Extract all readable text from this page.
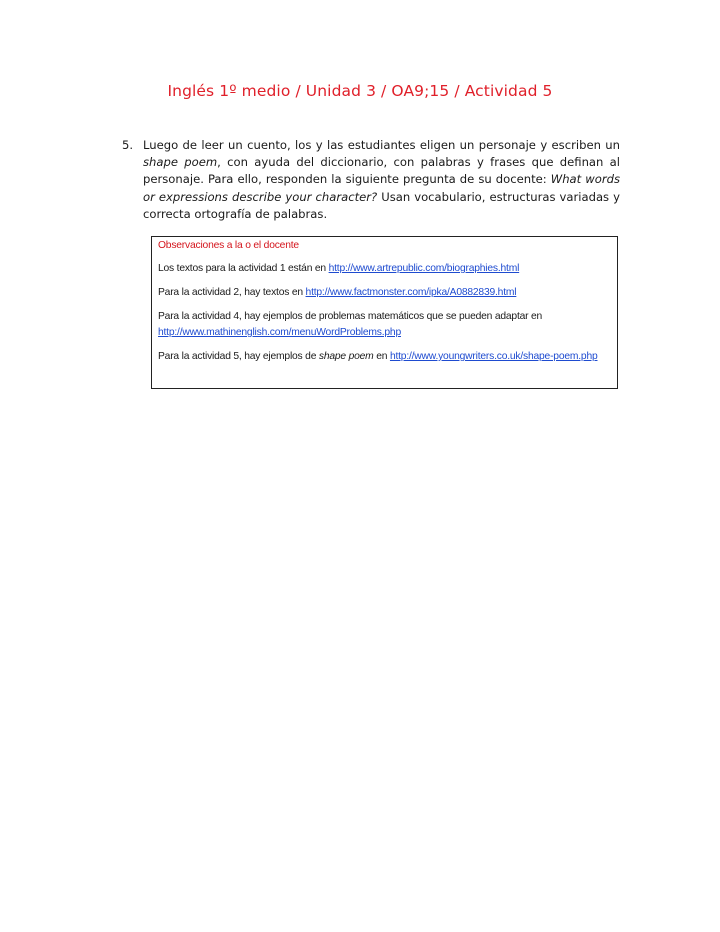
Inglés 1º medio / Unidad 3 / OA9;15 / Actividad 5
5. Luego de leer un cuento, los y las estudiantes eligen un personaje y escriben un shape poem, con ayuda del diccionario, con palabras y frases que definan al personaje. Para ello, responden la siguiente pregunta de su docente: What words or expressions describe your character? Usan vocabulario, estructuras variadas y correcta ortografía de palabras.
Observaciones a la o el docente
Los textos para la actividad 1 están en http://www.artrepublic.com/biographies.html
Para la actividad 2, hay textos en http://www.factmonster.com/ipka/A0882839.html
Para la actividad 4, hay ejemplos de problemas matemáticos que se pueden adaptar en http://www.mathinenglish.com/menuWordProblems.php
Para la actividad 5, hay ejemplos de shape poem en http://www.youngwriters.co.uk/shape-poem.php
